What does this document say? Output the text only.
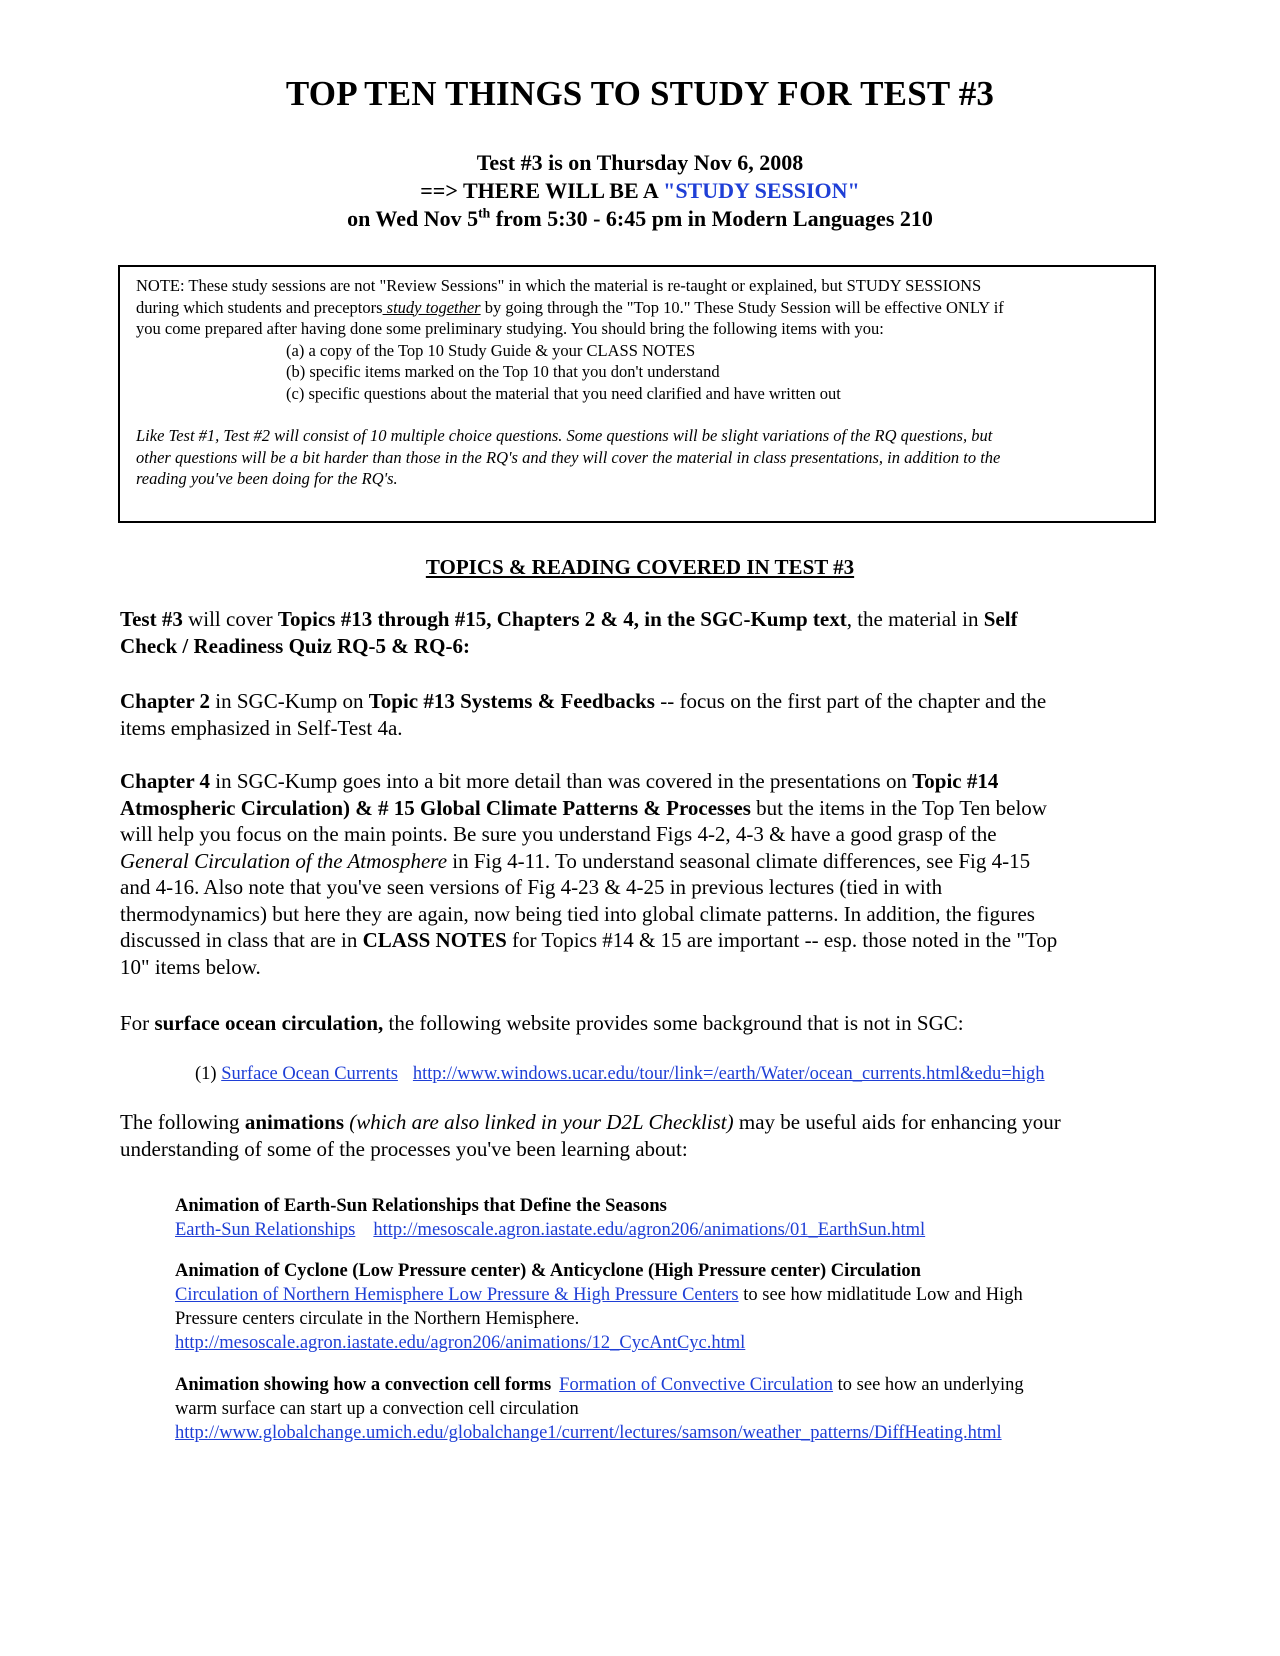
TOP TEN THINGS TO STUDY FOR TEST #3
Test #3 is on Thursday Nov 6, 2008
==> THERE WILL BE A "STUDY SESSION"
on Wed Nov 5th from 5:30 - 6:45 pm in Modern Languages 210
NOTE: These study sessions are not "Review Sessions" in which the material is re-taught or explained, but STUDY SESSIONS
during which students and preceptors study together by going through the "Top 10." These Study Session will be effective ONLY if
you come prepared after having done some preliminary studying. You should bring the following items with you:
(a) a copy of the Top 10 Study Guide & your CLASS NOTES
(b) specific items marked on the Top 10 that you don't understand
(c) specific questions about the material that you need clarified and have written out
Like Test #1, Test #2 will consist of 10 multiple choice questions. Some questions will be slight variations of the RQ questions, but
other questions will be a bit harder than those in the RQ's and they will cover the material in class presentations, in addition to the
reading you've been doing for the RQ's.
TOPICS & READING COVERED IN TEST #3
Test #3 will cover Topics #13 through #15, Chapters 2 & 4, in the SGC-Kump text, the material in Self
Check / Readiness Quiz RQ-5 & RQ-6:
Chapter 2 in SGC-Kump on Topic #13 Systems & Feedbacks -- focus on the first part of the chapter and the
items emphasized in Self-Test 4a.
Chapter 4 in SGC-Kump goes into a bit more detail than was covered in the presentations on Topic #14
Atmospheric Circulation) & # 15 Global Climate Patterns & Processes but the items in the Top Ten below
will help you focus on the main points. Be sure you understand Figs 4-2, 4-3 & have a good grasp of the
General Circulation of the Atmosphere in Fig 4-11. To understand seasonal climate differences, see Fig 4-15
and 4-16. Also note that you've seen versions of Fig 4-23 & 4-25 in previous lectures (tied in with
thermodynamics) but here they are again, now being tied into global climate patterns. In addition, the figures
discussed in class that are in CLASS NOTES for Topics #14 & 15 are important -- esp. those noted in the "Top
10" items below.
For surface ocean circulation, the following website provides some background that is not in SGC:
(1) Surface Ocean Currents http://www.windows.ucar.edu/tour/link=/earth/Water/ocean_currents.html&edu=high
The following animations (which are also linked in your D2L Checklist) may be useful aids for enhancing your
understanding of some of the processes you've been learning about:
Animation of Earth-Sun Relationships that Define the Seasons
Earth-Sun Relationships http://mesoscale.agron.iastate.edu/agron206/animations/01_EarthSun.html
Animation of Cyclone (Low Pressure center) & Anticyclone (High Pressure center) Circulation
Circulation of Northern Hemisphere Low Pressure & High Pressure Centers to see how midlatitude Low and High
Pressure centers circulate in the Northern Hemisphere.
http://mesoscale.agron.iastate.edu/agron206/animations/12_CycAntCyc.html
Animation showing how a convection cell forms Formation of Convective Circulation to see how an underlying
warm surface can start up a convection cell circulation
http://www.globalchange.umich.edu/globalchange1/current/lectures/samson/weather_patterns/DiffHeating.html
